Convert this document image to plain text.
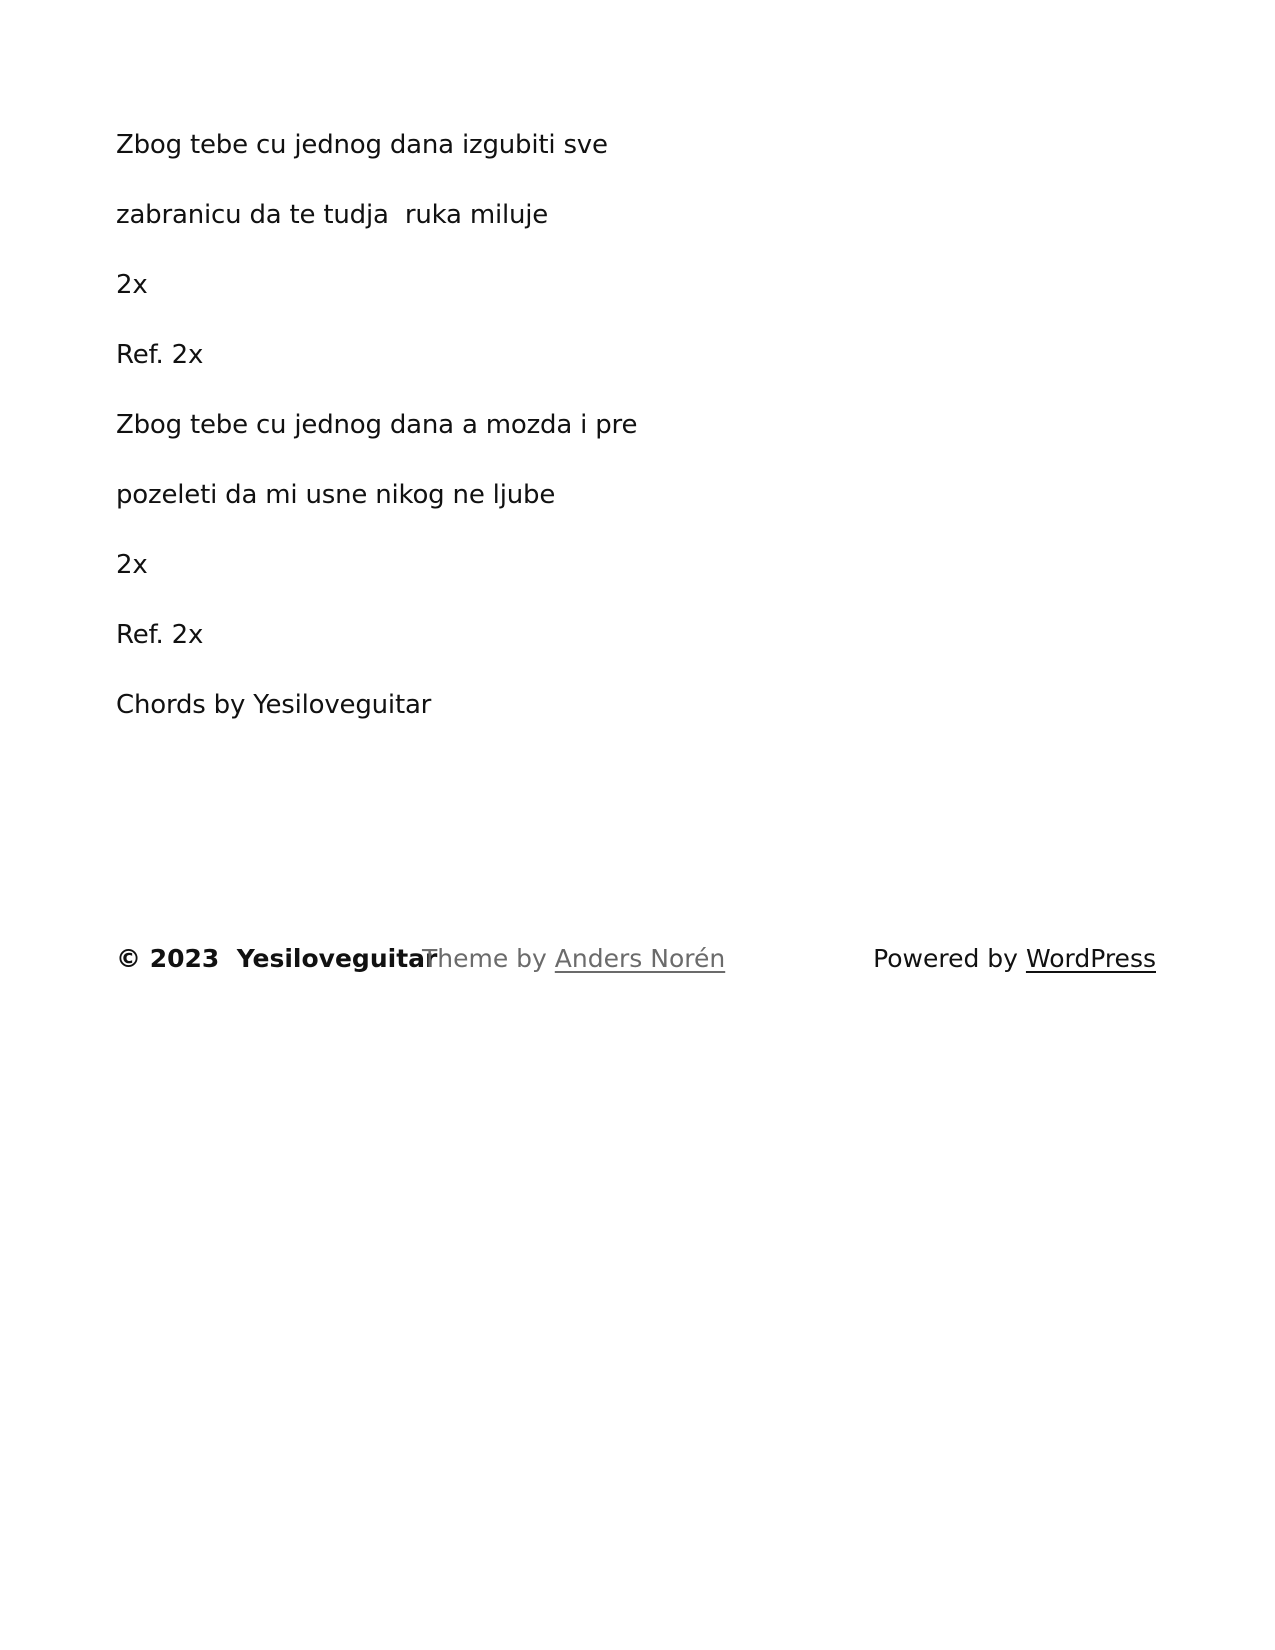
Zbog tebe cu jednog dana izgubiti sve

zabranicu da te tudja  ruka miluje

2x

Ref. 2x

Zbog tebe cu jednog dana a mozda i pre

pozeleti da mi usne nikog ne ljube

2x

Ref. 2x

Chords by Yesiloveguitar

© 2023 Yesiloveguitar
Theme by Anders Norén	Powered by WordPress
